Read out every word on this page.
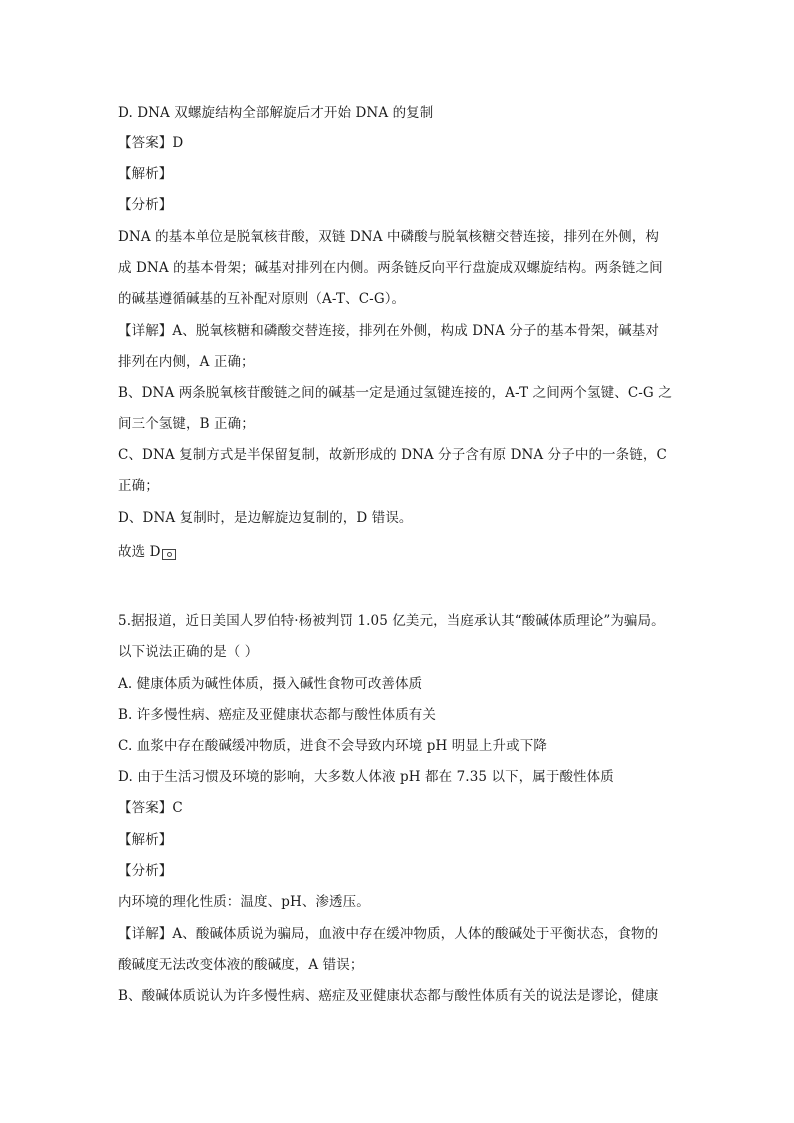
D. DNA 双螺旋结构全部解旋后才开始 DNA 的复制
【答案】D
【解析】
【分析】
DNA 的基本单位是脱氧核苷酸，双链 DNA 中磷酸与脱氧核糖交替连接，排列在外侧，构
成 DNA 的基本骨架；碱基对排列在内侧。两条链反向平行盘旋成双螺旋结构。两条链之间
的碱基遵循碱基的互补配对原则（A-T、C-G）。
【详解】A、脱氧核糖和磷酸交替连接，排列在外侧，构成 DNA 分子的基本骨架，碱基对
排列在内侧，A 正确；
B、DNA 两条脱氧核苷酸链之间的碱基一定是通过氢键连接的，A-T 之间两个氢键、C-G 之
间三个氢键，B 正确；
C、DNA 复制方式是半保留复制，故新形成的 DNA 分子含有原 DNA 分子中的一条链，C
正确；
D、DNA 复制时，是边解旋边复制的，D 错误。
故选 D
5.据报道，近日美国人罗伯特·杨被判罚 1.05 亿美元，当庭承认其“酸碱体质理论”为骗局。
以下说法正确的是（ ）
A. 健康体质为碱性体质，摄入碱性食物可改善体质
B. 许多慢性病、癌症及亚健康状态都与酸性体质有关
C. 血浆中存在酸碱缓冲物质，进食不会导致内环境 pH 明显上升或下降
D. 由于生活习惯及环境的影响，大多数人体液 pH 都在 7.35 以下，属于酸性体质
【答案】C
【解析】
【分析】
内环境的理化性质：温度、pH、渗透压。
【详解】A、酸碱体质说为骗局，血液中存在缓冲物质，人体的酸碱处于平衡状态，食物的
酸碱度无法改变体液的酸碱度，A 错误；
B、酸碱体质说认为许多慢性病、癌症及亚健康状态都与酸性体质有关的说法是谬论，健康
